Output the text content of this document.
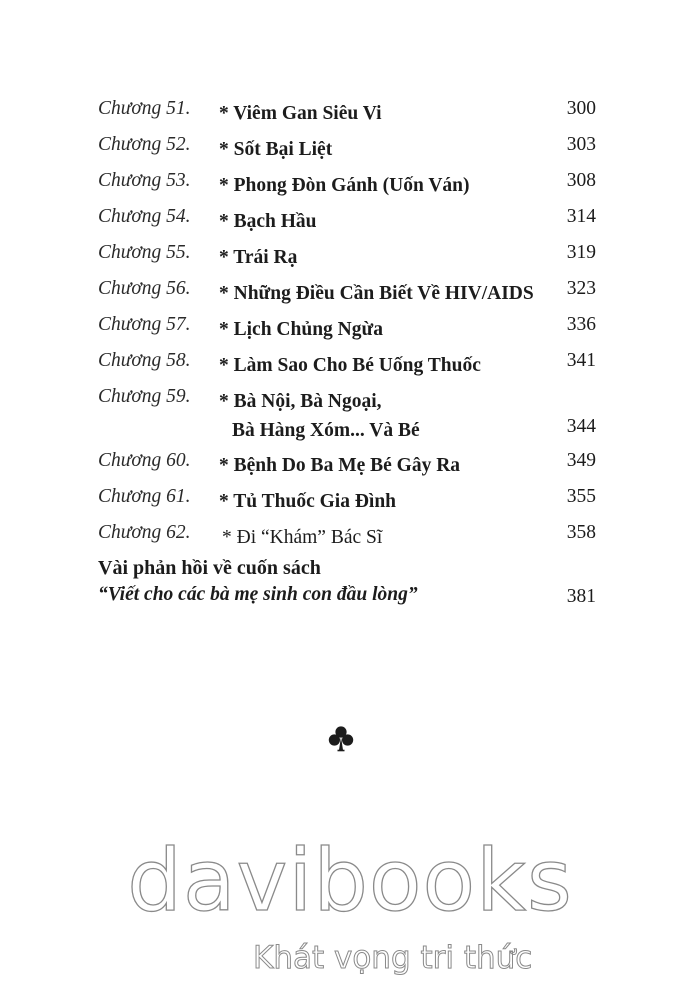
Chương 51. * Viêm Gan Siêu Vi	300
Chương 52. * Sốt Bại Liệt	303
Chương 53. * Phong Đòn Gánh (Uốn Ván)	308
Chương 54. * Bạch Hầu	314
Chương 55. * Trái Rạ	319
Chương 56. * Những Điều Cần Biết Về HIV/AIDS 323
Chương 57. * Lịch Chủng Ngừa	336
Chương 58. * Làm Sao Cho Bé Uống Thuốc	341
Chương 59. * Bà Nội, Bà Ngoại,
Bà Hàng Xóm... Và Bé	344
Chương 60. * Bệnh Do Ba Mẹ Bé Gây Ra	349
Chương 61. * Tủ Thuốc Gia Đình	355
Chương 62. * Đi “Khám” Bác Sĩ	358
Vài phản hồi về cuốn sách
“Viết cho các bà mẹ sinh con đầu lòng”	381
davibooks
Khát vọng tri thức
